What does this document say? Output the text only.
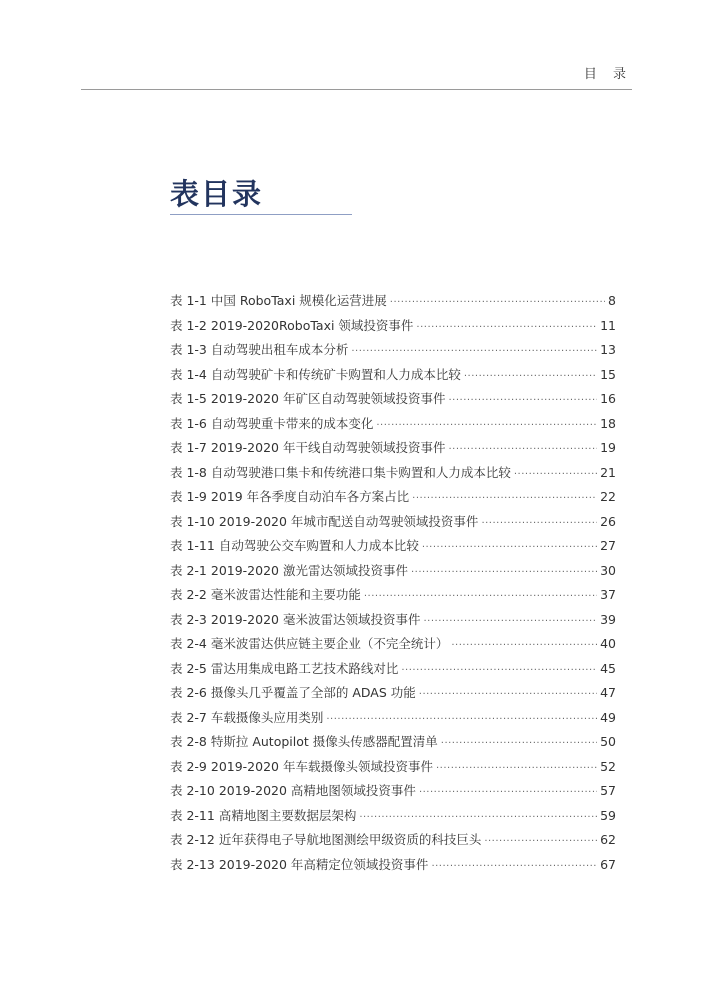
目 录
表目录
表 1-1 中国 RoboTaxi 规模化运营进展 ·····	8
表 1-2 2019-2020RoboTaxi 领域投资事件 ·····	11
表 1-3 自动驾驶出租车成本分析 ·····	13
表 1-4 自动驾驶矿卡和传统矿卡购置和人力成本比较 ·····	15
表 1-5 2019-2020 年矿区自动驾驶领域投资事件 ·····	16
表 1-6 自动驾驶重卡带来的成本变化 ·····	18
表 1-7 2019-2020 年干线自动驾驶领域投资事件 ·····	19
表 1-8 自动驾驶港口集卡和传统港口集卡购置和人力成本比较 ·····	21
表 1-9 2019 年各季度自动泊车各方案占比 ·····	22
表 1-10 2019-2020 年城市配送自动驾驶领域投资事件 ·····	26
表 1-11 自动驾驶公交车购置和人力成本比较 ·····	27
表 2-1 2019-2020 激光雷达领域投资事件 ·····	30
表 2-2 毫米波雷达性能和主要功能 ·····	37
表 2-3 2019-2020 毫米波雷达领域投资事件 ·····	39
表 2-4 毫米波雷达供应链主要企业（不完全统计） ·····	40
表 2-5 雷达用集成电路工艺技术路线对比 ·····	45
表 2-6 摄像头几乎覆盖了全部的 ADAS 功能 ·····	47
表 2-7 车载摄像头应用类别 ·····	49
表 2-8 特斯拉 Autopilot 摄像头传感器配置清单 ·····	50
表 2-9 2019-2020 年车载摄像头领域投资事件 ·····	52
表 2-10 2019-2020 高精地图领域投资事件 ·····	57
表 2-11 高精地图主要数据层架构 ·····	59
表 2-12 近年获得电子导航地图测绘甲级资质的科技巨头 ·····	62
表 2-13 2019-2020 年高精定位领域投资事件 ·····	67
